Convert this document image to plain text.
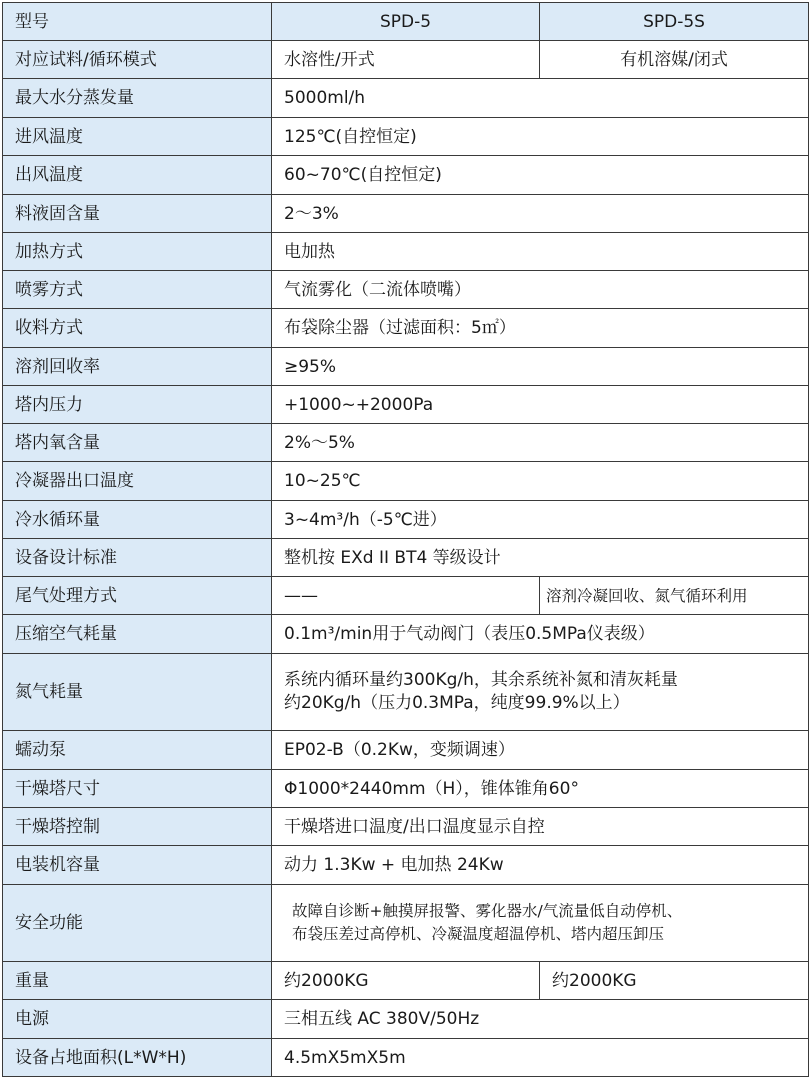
型号	SPD-5	SPD-5S
对应试料/循环模式	水溶性/开式	有机溶媒/闭式
最大水分蒸发量	5000ml/h	
进风温度	125℃(自控恒定)	
出风温度	60~70℃(自控恒定)	
料液固含量	2～3%	
加热方式	电加热	
喷雾方式	气流雾化（二流体喷嘴）	
收料方式	布袋除尘器（过滤面积：5㎡）	
溶剂回收率	≥95%	
塔内压力	+1000~+2000Pa	
塔内氧含量	2%～5%	
冷凝器出口温度	10~25℃	
冷水循环量	3~4m³/h（-5℃进）	
设备设计标准	整机按 EXd II BT4 等级设计	
尾气处理方式	——	溶剂冷凝回收、氮气循环利用
压缩空气耗量	0.1m³/min用于气动阀门（表压0.5MPa仪表级）	
氮气耗量	系统内循环量约300Kg/h，其余系统补氮和清灰耗量
约20Kg/h（压力0.3MPa，纯度99.9%以上）	

蠕动泵	EP02-B（0.2Kw，变频调速）	
干燥塔尺寸	Φ1000*2440mm（H），锥体锥角60°	
干燥塔控制	干燥塔进口温度/出口温度显示自控	
电装机容量	动力 1.3Kw + 电加热 24Kw	
安全功能	故障自诊断+触摸屏报警、雾化器水/气流量低自动停机、
布袋压差过高停机、冷凝温度超温停机、塔内超压卸压	

重量	约2000KG	约2000KG
电源	三相五线 AC 380V/50Hz	
设备占地面积(L*W*H)	4.5mX5mX5m	
